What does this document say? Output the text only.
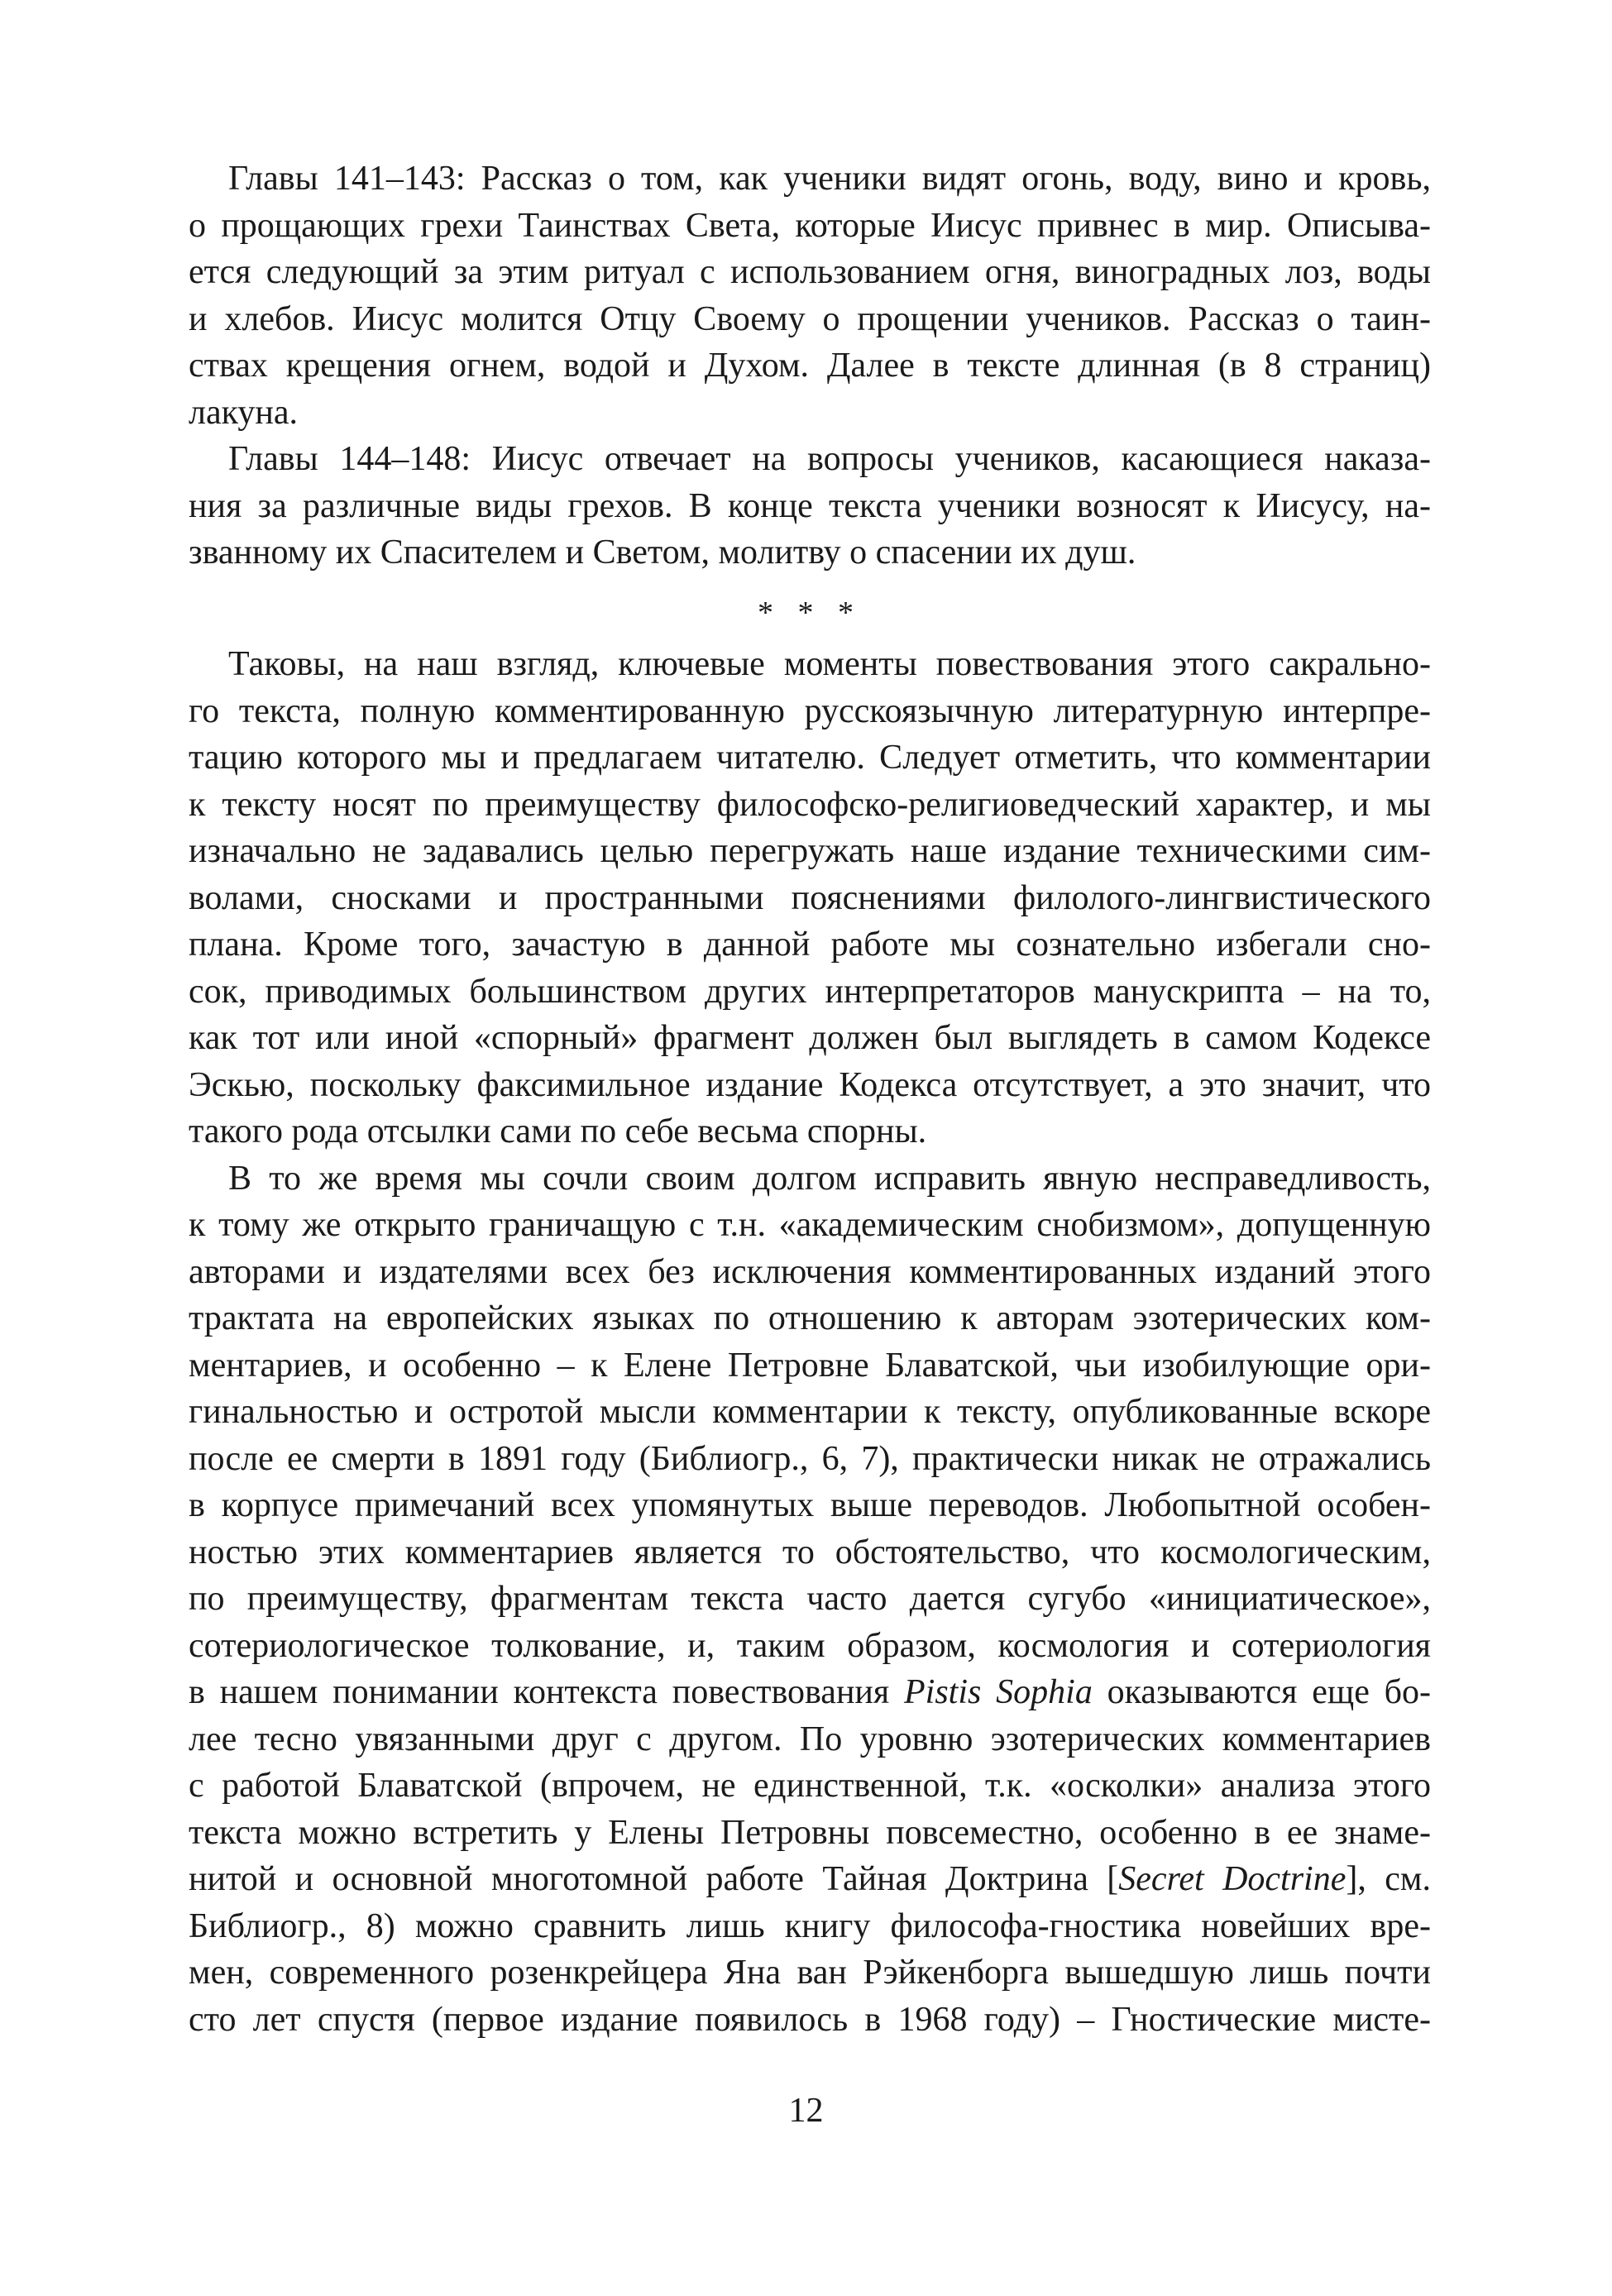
Главы 141–143: Рассказ о том, как ученики видят огонь, воду, вино и кровь,
о прощающих грехи Таинствах Света, которые Иисус привнес в мир. Описыва-
ется следующий за этим ритуал с использованием огня, виноградных лоз, воды
и хлебов. Иисус молится Отцу Своему о прощении учеников. Рассказ о таин-
ствах крещения огнем, водой и Духом. Далее в тексте длинная (в 8 страниц)
лакуна.
Главы 144–148: Иисус отвечает на вопросы учеников, касающиеся наказа-
ния за различные виды грехов. В конце текста ученики возносят к Иисусу, на-
званному их Спасителем и Светом, молитву о спасении их душ.
* * *
Таковы, на наш взгляд, ключевые моменты повествования этого сакрально-
го текста, полную комментированную русскоязычную литературную интерпре-
тацию которого мы и предлагаем читателю. Следует отметить, что комментарии
к тексту носят по преимуществу философско-религиоведческий характер, и мы
изначально не задавались целью перегружать наше издание техническими сим-
волами, сносками и пространными пояснениями филолого-лингвистического
плана. Кроме того, зачастую в данной работе мы сознательно избегали сно-
сок, приводимых большинством других интерпретаторов манускрипта – на то,
как тот или иной «спорный» фрагмент должен был выглядеть в самом Кодексе
Эскью, поскольку факсимильное издание Кодекса отсутствует, а это значит, что
такого рода отсылки сами по себе весьма спорны.
В то же время мы сочли своим долгом исправить явную несправедливость,
к тому же открыто граничащую с т.н. «академическим снобизмом», допущенную
авторами и издателями всех без исключения комментированных изданий этого
трактата на европейских языках по отношению к авторам эзотерических ком-
ментариев, и особенно – к Елене Петровне Блаватской, чьи изобилующие ори-
гинальностью и остротой мысли комментарии к тексту, опубликованные вскоре
после ее смерти в 1891 году (Библиогр., 6, 7), практически никак не отражались
в корпусе примечаний всех упомянутых выше переводов. Любопытной особен-
ностью этих комментариев является то обстоятельство, что космологическим,
по преимуществу, фрагментам текста часто дается сугубо «инициатическое»,
сотериологическое толкование, и, таким образом, космология и сотериология
в нашем понимании контекста повествования Pistis Sophia оказываются еще бо-
лее тесно увязанными друг с другом. По уровню эзотерических комментариев
с работой Блаватской (впрочем, не единственной, т.к. «осколки» анализа этого
текста можно встретить у Елены Петровны повсеместно, особенно в ее знаме-
нитой и основной многотомной работе Тайная Доктрина [Secret Doctrine], см.
Библиогр., 8) можно сравнить лишь книгу философа-гностика новейших вре-
мен, современного розенкрейцера Яна ван Рэйкенборга вышедшую лишь почти
сто лет спустя (первое издание появилось в 1968 году) – Гностические мисте-
12
